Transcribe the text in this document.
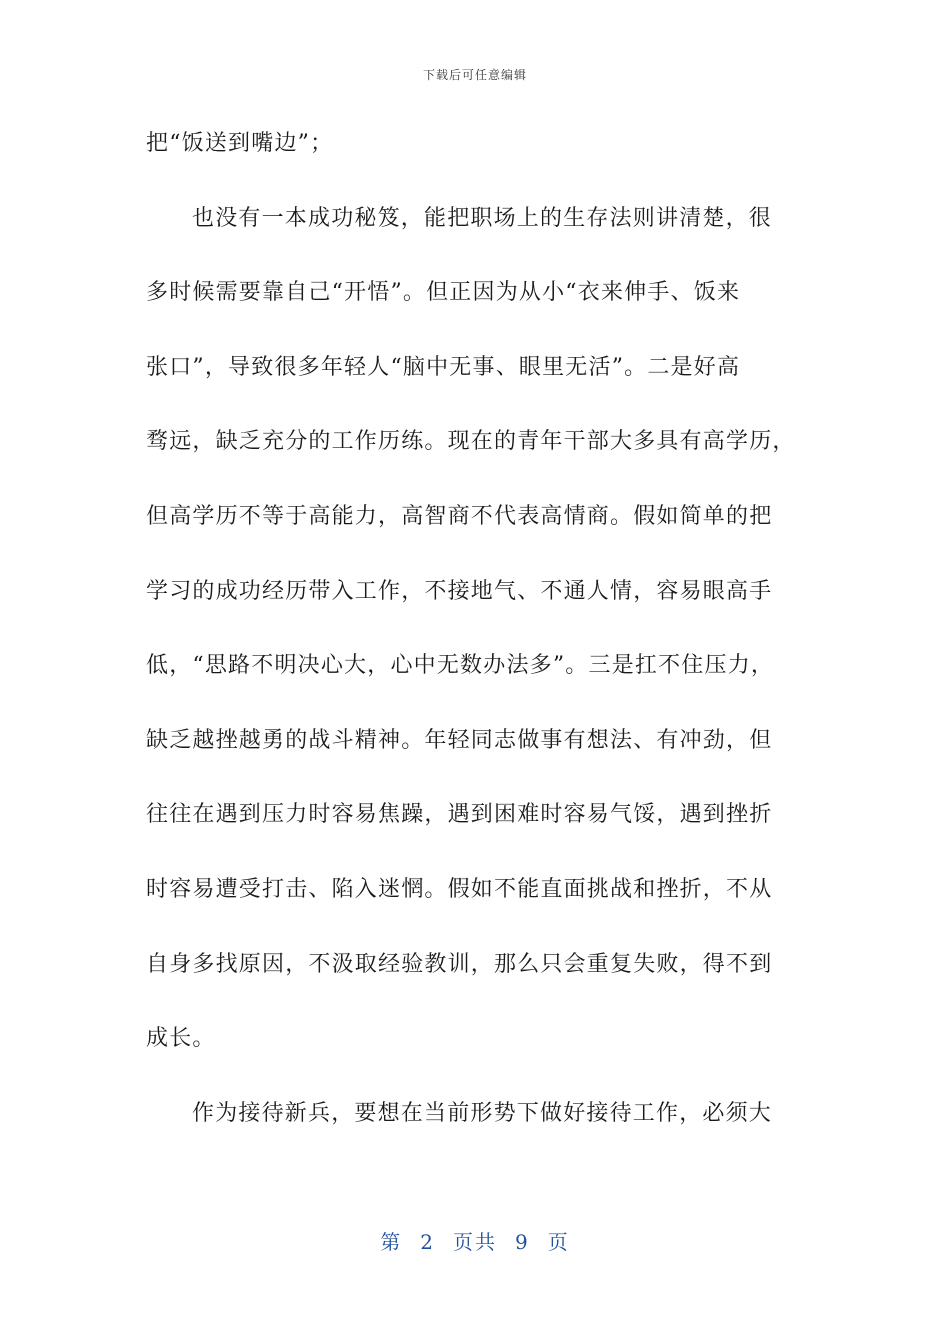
下载后可任意编辑
把“饭送到嘴边”；
也没有一本成功秘笈，能把职场上的生存法则讲清楚，很
多时候需要靠自己“开悟”。但正因为从小“衣来伸手、饭来
张口”，导致很多年轻人“脑中无事、眼里无活”。二是好高
骛远，缺乏充分的工作历练。现在的青年干部大多具有高学历，
但高学历不等于高能力，高智商不代表高情商。假如简单的把
学习的成功经历带入工作，不接地气、不通人情，容易眼高手
低，“思路不明决心大，心中无数办法多”。三是扛不住压力，
缺乏越挫越勇的战斗精神。年轻同志做事有想法、有冲劲，但
往往在遇到压力时容易焦躁，遇到困难时容易气馁，遇到挫折
时容易遭受打击、陷入迷惘。假如不能直面挑战和挫折，不从
自身多找原因，不汲取经验教训，那么只会重复失败，得不到
成长。
作为接待新兵，要想在当前形势下做好接待工作，必须大
第 2 页共 9 页
